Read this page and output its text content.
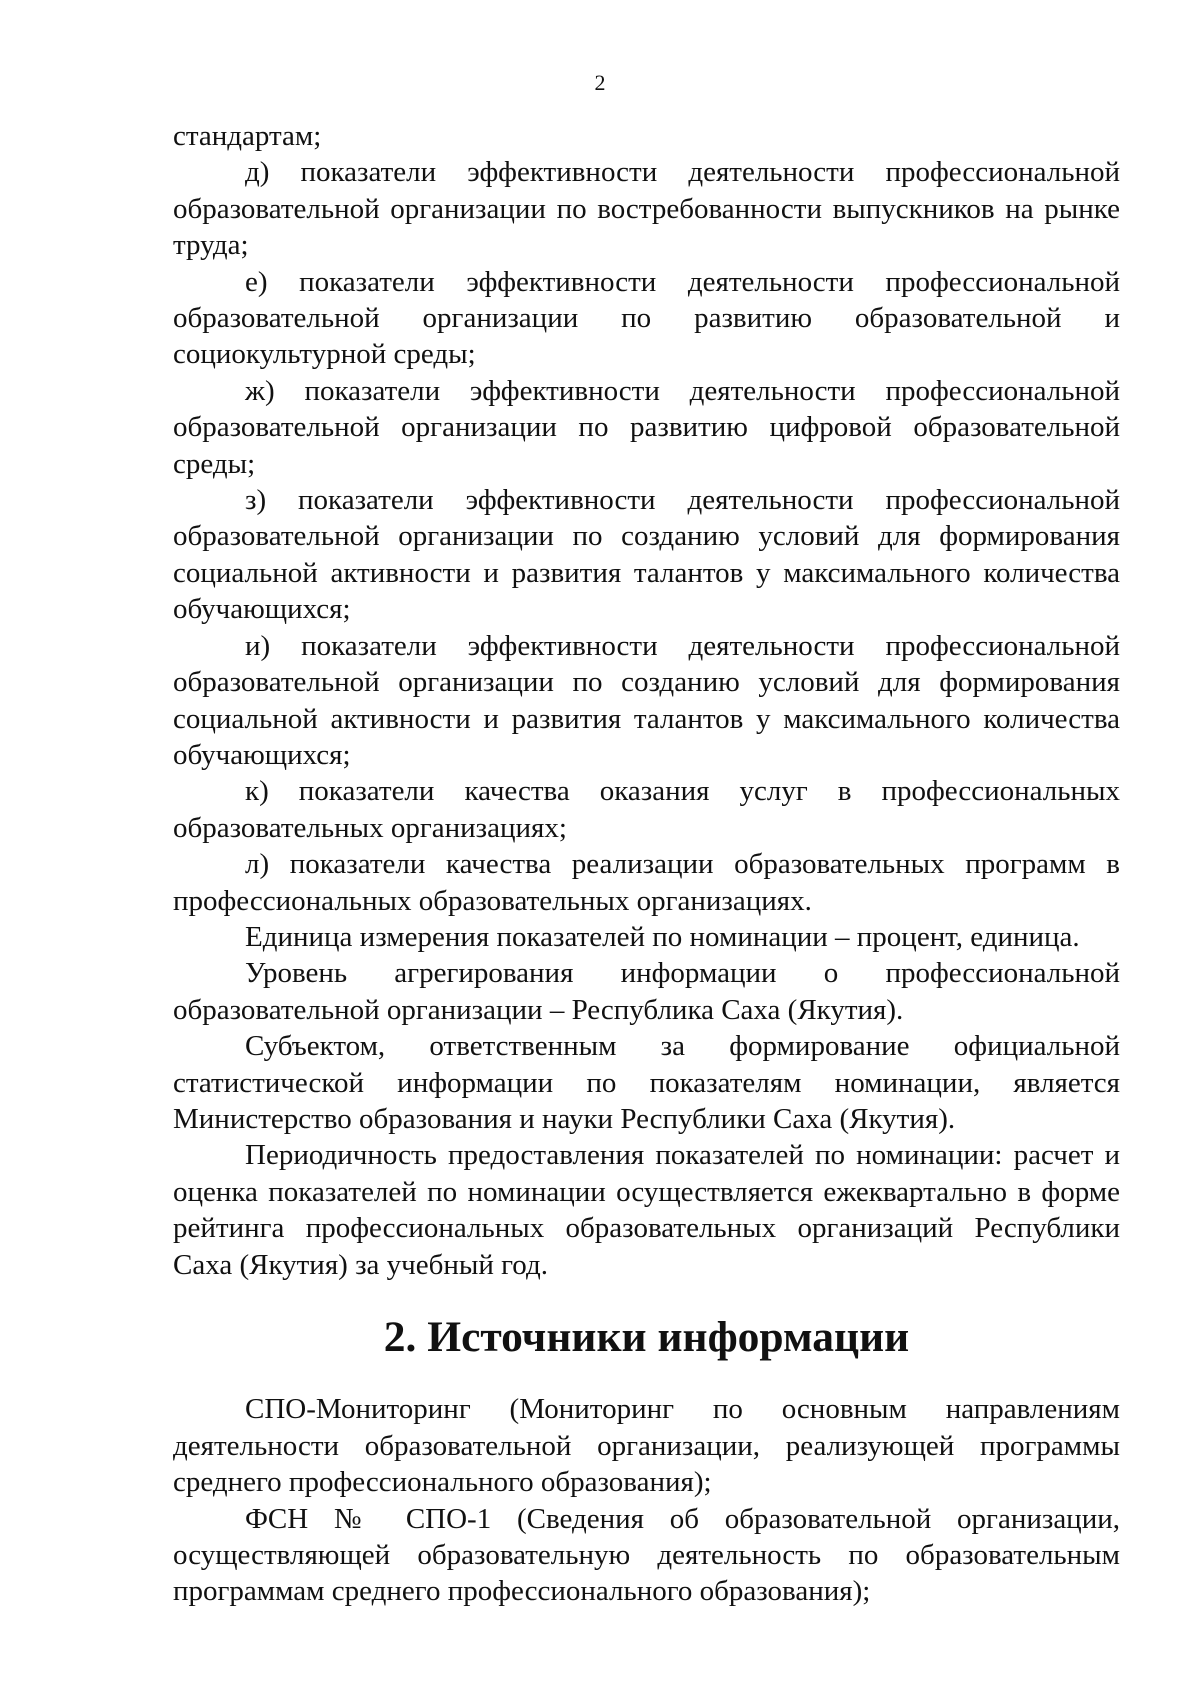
2

стандартам;

д) показатели эффективности деятельности профессиональной образовательной организации по востребованности выпускников на рынке труда;

е) показатели эффективности деятельности профессиональной образовательной организации по развитию образовательной и социокультурной среды;

ж) показатели эффективности деятельности профессиональной образовательной организации по развитию цифровой образовательной среды;

з) показатели эффективности деятельности профессиональной образовательной организации по созданию условий для формирования социальной активности и развития талантов у максимального количества обучающихся;

и) показатели эффективности деятельности профессиональной образовательной организации по созданию условий для формирования социальной активности и развития талантов у максимального количества обучающихся;

к) показатели качества оказания услуг в профессиональных образовательных организациях;

л) показатели качества реализации образовательных программ в профессиональных образовательных организациях.

Единица измерения показателей по номинации – процент, единица.

Уровень агрегирования информации о профессиональной образовательной организации – Республика Саха (Якутия).

Субъектом, ответственным за формирование официальной статистической информации по показателям номинации, является Министерство образования и науки Республики Саха (Якутия).

Периодичность предоставления показателей по номинации: расчет и оценка показателей по номинации осуществляется ежеквартально в форме рейтинга профессиональных образовательных организаций Республики Саха (Якутия) за учебный год.

2. Источники информации

СПО-Мониторинг (Мониторинг по основным направлениям деятельности образовательной организации, реализующей программы среднего профессионального образования);

ФСН № СПО-1 (Сведения об образовательной организации, осуществляющей образовательную деятельность по образовательным программам среднего профессионального образования);
